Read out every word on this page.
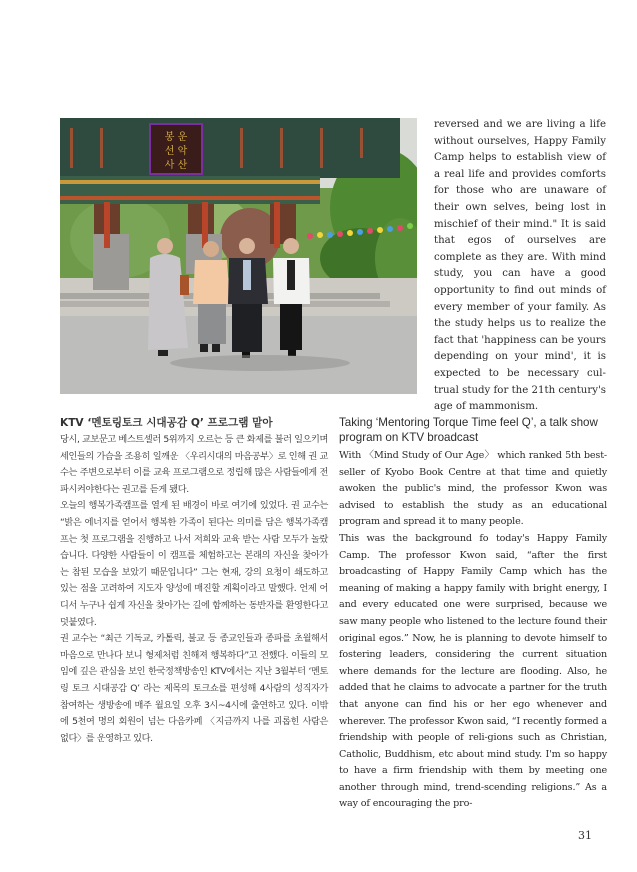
봉 운
선 악
사 산
reversed and we are living a life without ourselves, Happy Family Camp helps to establish view of a real life and provides comforts for those who are unaware of their own selves, being lost in mischief of their mind." It is said that egos of ourselves are complete as they are. With mind study, you can have a good opportunity to find out minds of every member of your family. As the study helps us to realize the fact that 'happiness can be yours depending on your mind', it is expected to be necessary cul-trual study for the 21th century's age of mammonism.
KTV ‘멘토링토크 시대공감 Q’ 프로그램 맡아

당시, 교보문고 베스트셀러 5위까지 오르는 등 큰 화제를 불러 일으키며 세인들의 가슴을 조용히 일깨운 〈우리시대의 마음공부〉로 인해 권 교수는 주변으로부터 이를 교육 프로그램으로 정립해 많은 사람들에게 전파시켜야한다는 권고를 듣게 됐다.

오늘의 행복가족캠프를 열게 된 배경이 바로 여기에 있었다. 권 교수는 “밝은 에너지를 얻어서 행복한 가족이 된다는 의미를 담은 행복가족캠프는 첫 프로그램을 진행하고 나서 저희와 교육 받는 사람 모두가 놀랐습니다. 다양한 사람들이 이 캠프를 체험하고는 본래의 자신을 찾아가는 참된 모습을 보았기 때문입니다” 그는 현재, 강의 요청이 쇄도하고 있는 점을 고려하여 지도자 양성에 매진할 계획이라고 말했다. 언제 어디서 누구나 쉽게 자신을 찾아가는 길에 함께하는 동반자를 환영한다고 덧붙였다.

권 교수는 “최근 기독교, 카톨릭, 불교 등 종교인들과 종파를 초월해서 마음으로 만나다 보니 형제처럼 친해져 행복하다”고 전했다. 이들의 모임에 깊은 관심을 보인 한국정책방송인 KTV에서는 지난 3월부터 ‘멘토링 토크 시대공감 Q’ 라는 제목의 토크쇼를 편성해 4사람의 성직자가 참여하는 생방송에 매주 월요일 오후 3시~4시에 출연하고 있다. 이밖에 5천여 명의 회원이 넘는 다음카페 〈지금까지 나를 괴롭힌 사람은 없다〉를 운영하고 있다.

Taking ‘Mentoring Torque Time feel Q’, a talk show program on KTV broadcast

With 〈Mind Study of Our Age〉 which ranked 5th best-seller of Kyobo Book Centre at that time and quietly awoken the public's mind, the professor Kwon was advised to establish the study as an educational program and spread it to many people.

This was the background fo today's Happy Family Camp. The professor Kwon said, “after the first broadcasting of Happy Family Camp which has the meaning of making a happy family with bright energy, I and every educated one were surprised, because we saw many people who listened to the lecture found their original egos.” Now, he is planning to devote himself to fostering leaders, considering the current situation where demands for the lecture are flooding. Also, he added that he claims to advocate a partner for the truth that anyone can find his or her ego whenever and wherever. The professor Kwon said, “I recently formed a friendship with people of reli-gions such as Christian, Catholic, Buddhism, etc about mind study. I'm so happy to have a firm friendship with them by meeting one another through mind, trend-scending religions.” As a way of encouraging the pro-

31
